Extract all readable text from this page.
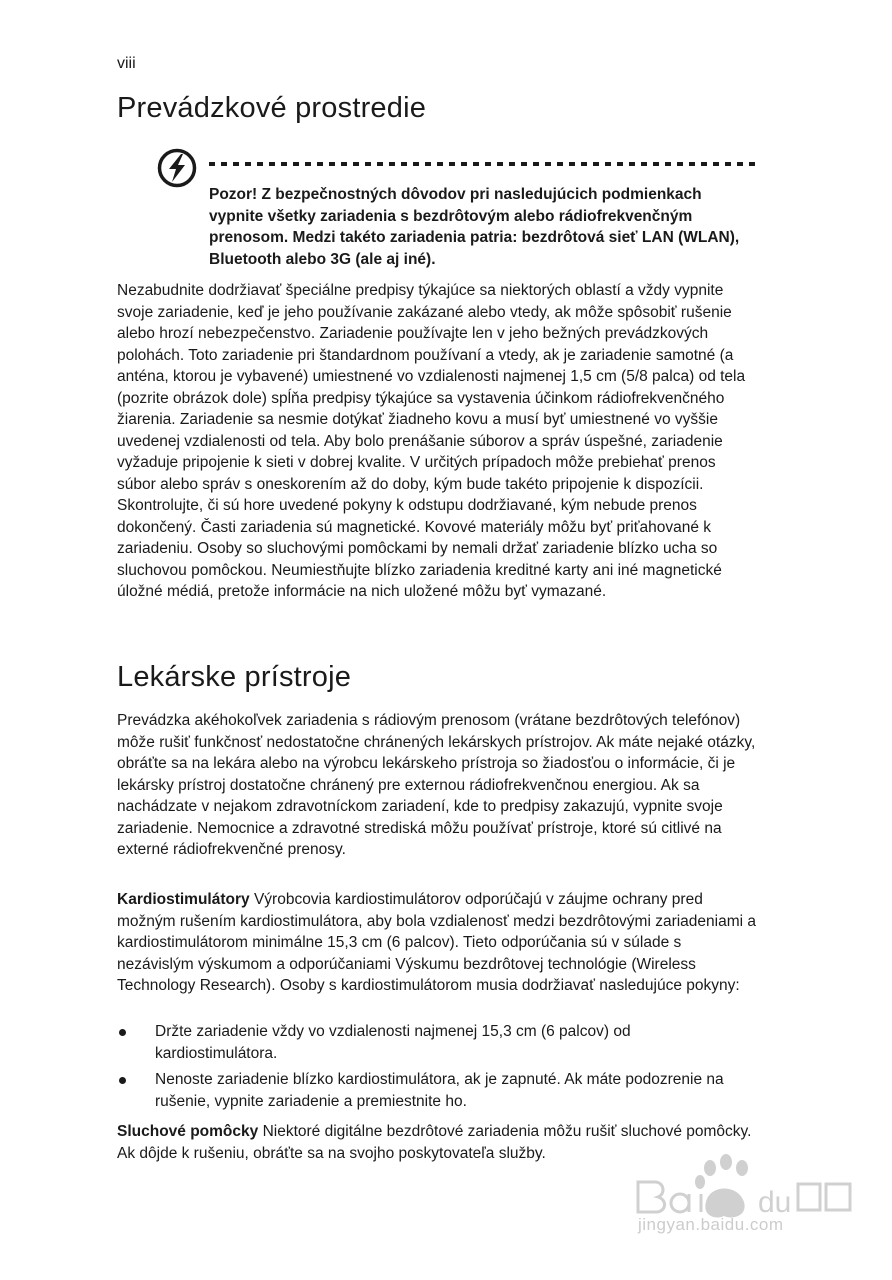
viii
Prevádzkové prostredie

Pozor! Z bezpečnostných dôvodov pri nasledujúcich podmienkach vypnite všetky zariadenia s bezdrôtovým alebo rádiofrekvenčným prenosom. Medzi takéto zariadenia patria: bezdrôtová sieť LAN (WLAN), Bluetooth alebo 3G (ale aj iné).

Nezabudnite dodržiavať špeciálne predpisy týkajúce sa niektorých oblastí a vždy vypnite svoje zariadenie, keď je jeho používanie zakázané alebo vtedy, ak môže spôsobiť rušenie alebo hrozí nebezpečenstvo. Zariadenie používajte len v jeho bežných prevádzkových polohách. Toto zariadenie pri štandardnom používaní a vtedy, ak je zariadenie samotné (a anténa, ktorou je vybavené) umiestnené vo vzdialenosti najmenej 1,5 cm (5/8 palca) od tela (pozrite obrázok dole) spĺňa predpisy týkajúce sa vystavenia účinkom rádiofrekvenčného žiarenia. Zariadenie sa nesmie dotýkať žiadneho kovu a musí byť umiestnené vo vyššie uvedenej vzdialenosti od tela. Aby bolo prenášanie súborov a správ úspešné, zariadenie vyžaduje pripojenie k sieti v dobrej kvalite. V určitých prípadoch môže prebiehať prenos súbor alebo správ s oneskorením až do doby, kým bude takéto pripojenie k dispozícii. Skontrolujte, či sú hore uvedené pokyny k odstupu dodržiavané, kým nebude prenos dokončený. Časti zariadenia sú magnetické. Kovové materiály môžu byť priťahované k zariadeniu. Osoby so sluchovými pomôckami by nemali držať zariadenie blízko ucha so sluchovou pomôckou. Neumiestňujte blízko zariadenia kreditné karty ani iné magnetické úložné médiá, pretože informácie na nich uložené môžu byť vymazané.

Lekárske prístroje

Prevádzka akéhokoľvek zariadenia s rádiovým prenosom (vrátane bezdrôtových telefónov) môže rušiť funkčnosť nedostatočne chránených lekárskych prístrojov. Ak máte nejaké otázky, obráťte sa na lekára alebo na výrobcu lekárskeho prístroja so žiadosťou o informácie, či je lekársky prístroj dostatočne chránený pre externou rádiofrekvenčnou energiou. Ak sa nachádzate v nejakom zdravotníckom zariadení, kde to predpisy zakazujú, vypnite svoje zariadenie. Nemocnice a zdravotné strediská môžu používať prístroje, ktoré sú citlivé na externé rádiofrekvenčné prenosy.

Kardiostimulátory Výrobcovia kardiostimulátorov odporúčajú v záujme ochrany pred možným rušením kardiostimulátora, aby bola vzdialenosť medzi bezdrôtovými zariadeniami a kardiostimulátorom minimálne 15,3 cm (6 palcov). Tieto odporúčania sú v súlade s nezávislým výskumom a odporúčaniami Výskumu bezdrôtovej technológie (Wireless Technology Research). Osoby s kardiostimulátorom musia dodržiavať nasledujúce pokyny:

Držte zariadenie vždy vo vzdialenosti najmenej 15,3 cm (6 palcov) od kardiostimulátora.
Nenoste zariadenie blízko kardiostimulátora, ak je zapnuté. Ak máte podozrenie na rušenie, vypnite zariadenie a premiestnite ho.

Sluchové pomôcky Niektoré digitálne bezdrôtové zariadenia môžu rušiť sluchové pomôcky. Ak dôjde k rušeniu, obráťte sa na svojho poskytovateľa služby.

du
jingyan.baidu.com
